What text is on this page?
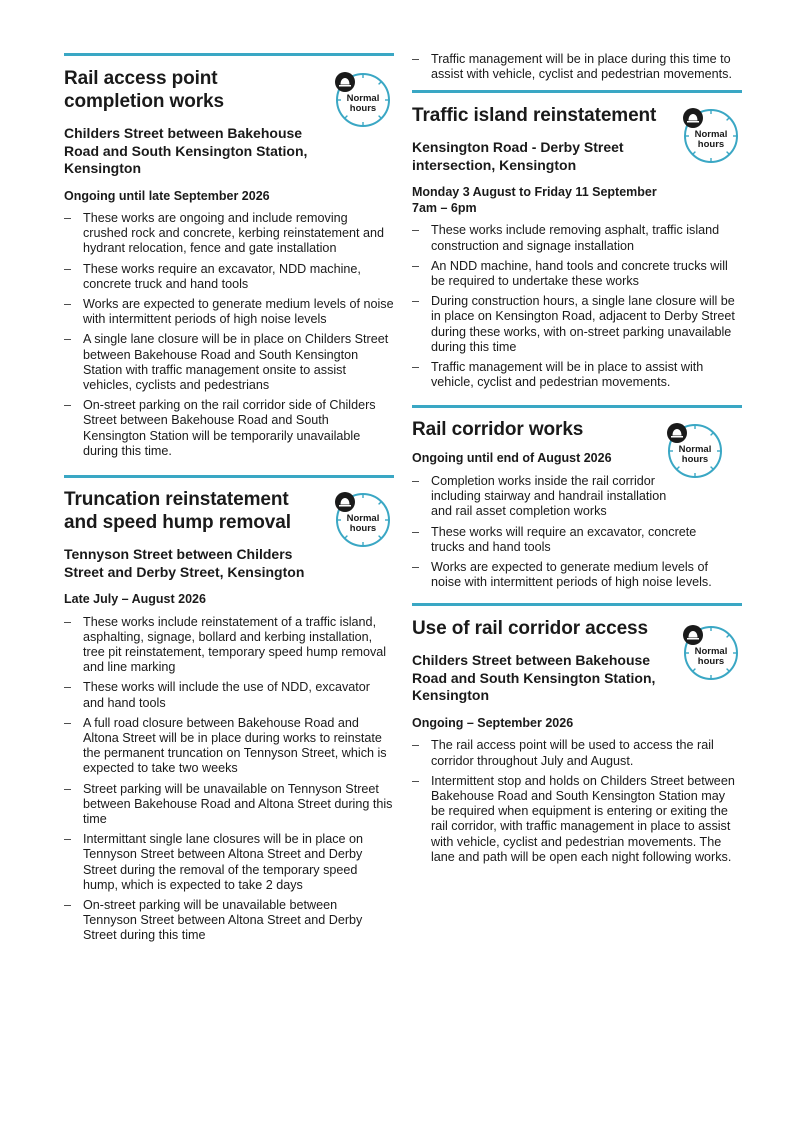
Normal
hours
Rail access point
completion works

Childers Street between Bakehouse Road and South Kensington Station, Kensington

Ongoing until late September 2026

– These works are ongoing and include removing crushed rock and concrete, kerbing reinstatement and hydrant relocation, fence and gate installation
– These works require an excavator, NDD machine, concrete truck and hand tools
– Works are expected to generate medium levels of noise with intermittent periods of high noise levels
– A single lane closure will be in place on Childers Street between Bakehouse Road and South Kensington Station with traffic management onsite to assist vehicles, cyclists and pedestrians
– On-street parking on the rail corridor side of Childers Street between Bakehouse Road and South Kensington Station will be temporarily unavailable during this time.
Normal
hours
Truncation reinstatement
and speed hump removal

Tennyson Street between Childers Street and Derby Street, Kensington

Late July – August 2026

– These works include reinstatement of a traffic island, asphalting, signage, bollard and kerbing installation, tree pit reinstatement, temporary speed hump removal and line marking
– These works will include the use of NDD, excavator and hand tools
– A full road closure between Bakehouse Road and Altona Street will be in place during works to reinstate the permanent truncation on Tennyson Street, which is expected to take two weeks
– Street parking will be unavailable on Tennyson Street between Bakehouse Road and Altona Street during this time
– Intermittant single lane closures will be in place on Tennyson Street between Altona Street and Derby Street during the removal of the temporary speed hump, which is expected to take 2 days
– On-street parking will be unavailable between Tennyson Street between Altona Street and Derby Street during this time
– Traffic management will be in place during this time to assist with vehicle, cyclist and pedestrian movements.
Normal
hours
Traffic island reinstatement

Kensington Road - Derby Street intersection, Kensington

Monday 3 August to Friday 11 September
7am – 6pm

– These works include removing asphalt, traffic island construction and signage installation
– An NDD machine, hand tools and concrete trucks will be required to undertake these works
– During construction hours, a single lane closure will be in place on Kensington Road, adjacent to Derby Street during these works, with on-street parking unavailable during this time
– Traffic management will be in place to assist with vehicle, cyclist and pedestrian movements.
Normal
hours
Rail corridor works

Ongoing until end of August 2026

– Completion works inside the rail corridor including stairway and handrail installation and rail asset completion works
– These works will require an excavator, concrete trucks and hand tools
– Works are expected to generate medium levels of noise with intermittent periods of high noise levels.
Normal
hours
Use of rail corridor access

Childers Street between Bakehouse Road and South Kensington Station, Kensington

Ongoing – September 2026

– The rail access point will be used to access the rail corridor throughout July and August.
– Intermittent stop and holds on Childers Street between Bakehouse Road and South Kensington Station may be required when equipment is entering or exiting the rail corridor, with traffic management in place to assist with vehicle, cyclist and pedestrian movements. The lane and path will be open each night following works.
